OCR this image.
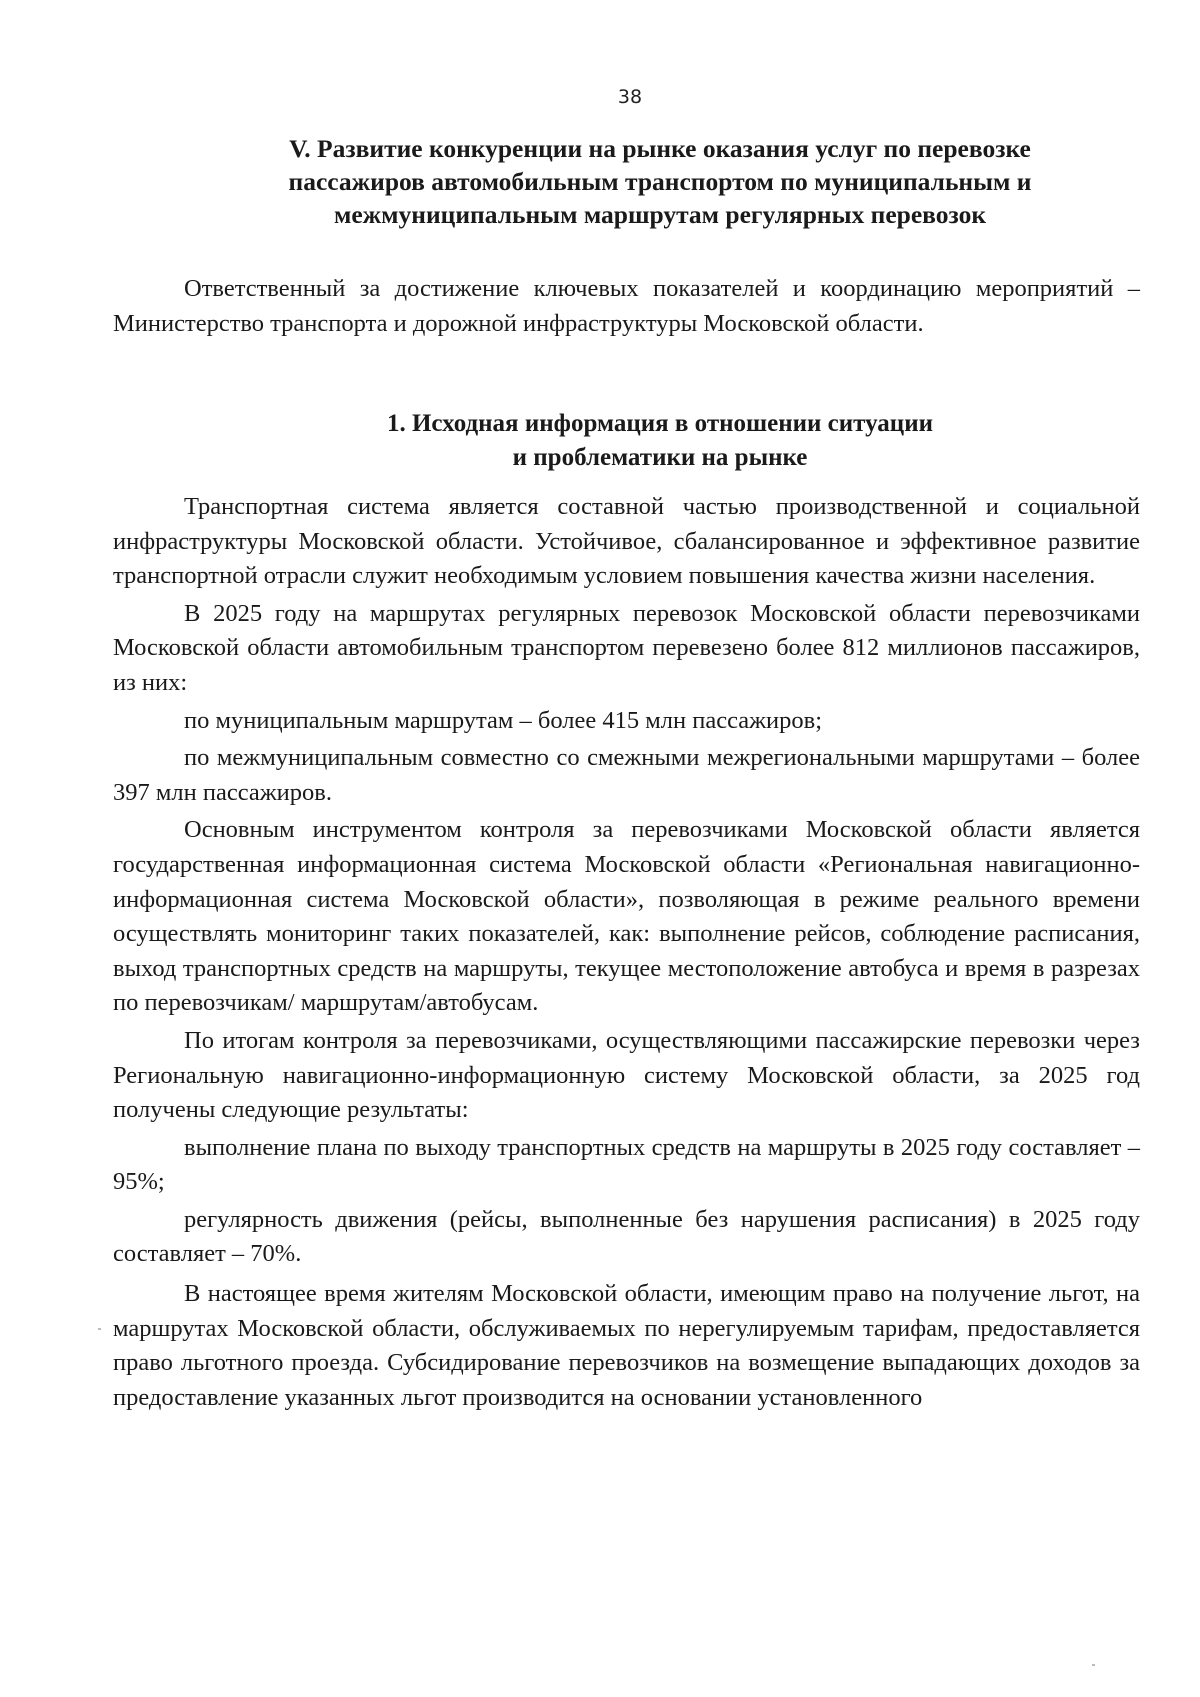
38
V. Развитие конкуренции на рынке оказания услуг по перевозке
пассажиров автомобильным транспортом по муниципальным и
межмуниципальным маршрутам регулярных перевозок

Ответственный за достижение ключевых показателей и координацию мероприятий – Министерство транспорта и дорожной инфраструктуры Московской области.

1. Исходная информация в отношении ситуации
и проблематики на рынке

Транспортная система является составной частью производственной и социальной инфраструктуры Московской области. Устойчивое, сбалансированное и эффективное развитие транспортной отрасли служит необходимым условием повышения качества жизни населения.

В 2025 году на маршрутах регулярных перевозок Московской области перевозчиками Московской области автомобильным транспортом перевезено более 812 миллионов пассажиров, из них:

по муниципальным маршрутам – более 415 млн пассажиров;

по межмуниципальным совместно со смежными межрегиональными маршрутами – более 397 млн пассажиров.

Основным инструментом контроля за перевозчиками Московской области является государственная информационная система Московской области «Региональная навигационно-информационная система Московской области», позволяющая в режиме реального времени осуществлять мониторинг таких показателей, как: выполнение рейсов, соблюдение расписания, выход транспортных средств на маршруты, текущее местоположение автобуса и время в разрезах по перевозчикам/ маршрутам/автобусам.

По итогам контроля за перевозчиками, осуществляющими пассажирские перевозки через Региональную навигационно-информационную систему Московской области, за 2025 год получены следующие результаты:

выполнение плана по выходу транспортных средств на маршруты в 2025 году составляет – 95%;

регулярность движения (рейсы, выполненные без нарушения расписания) в 2025 году составляет – 70%.

В настоящее время жителям Московской области, имеющим право на получение льгот, на маршрутах Московской области, обслуживаемых по нерегулируемым тарифам, предоставляется право льготного проезда. Субсидирование перевозчиков на возмещение выпадающих доходов за предоставление указанных льгот производится на основании установленного
